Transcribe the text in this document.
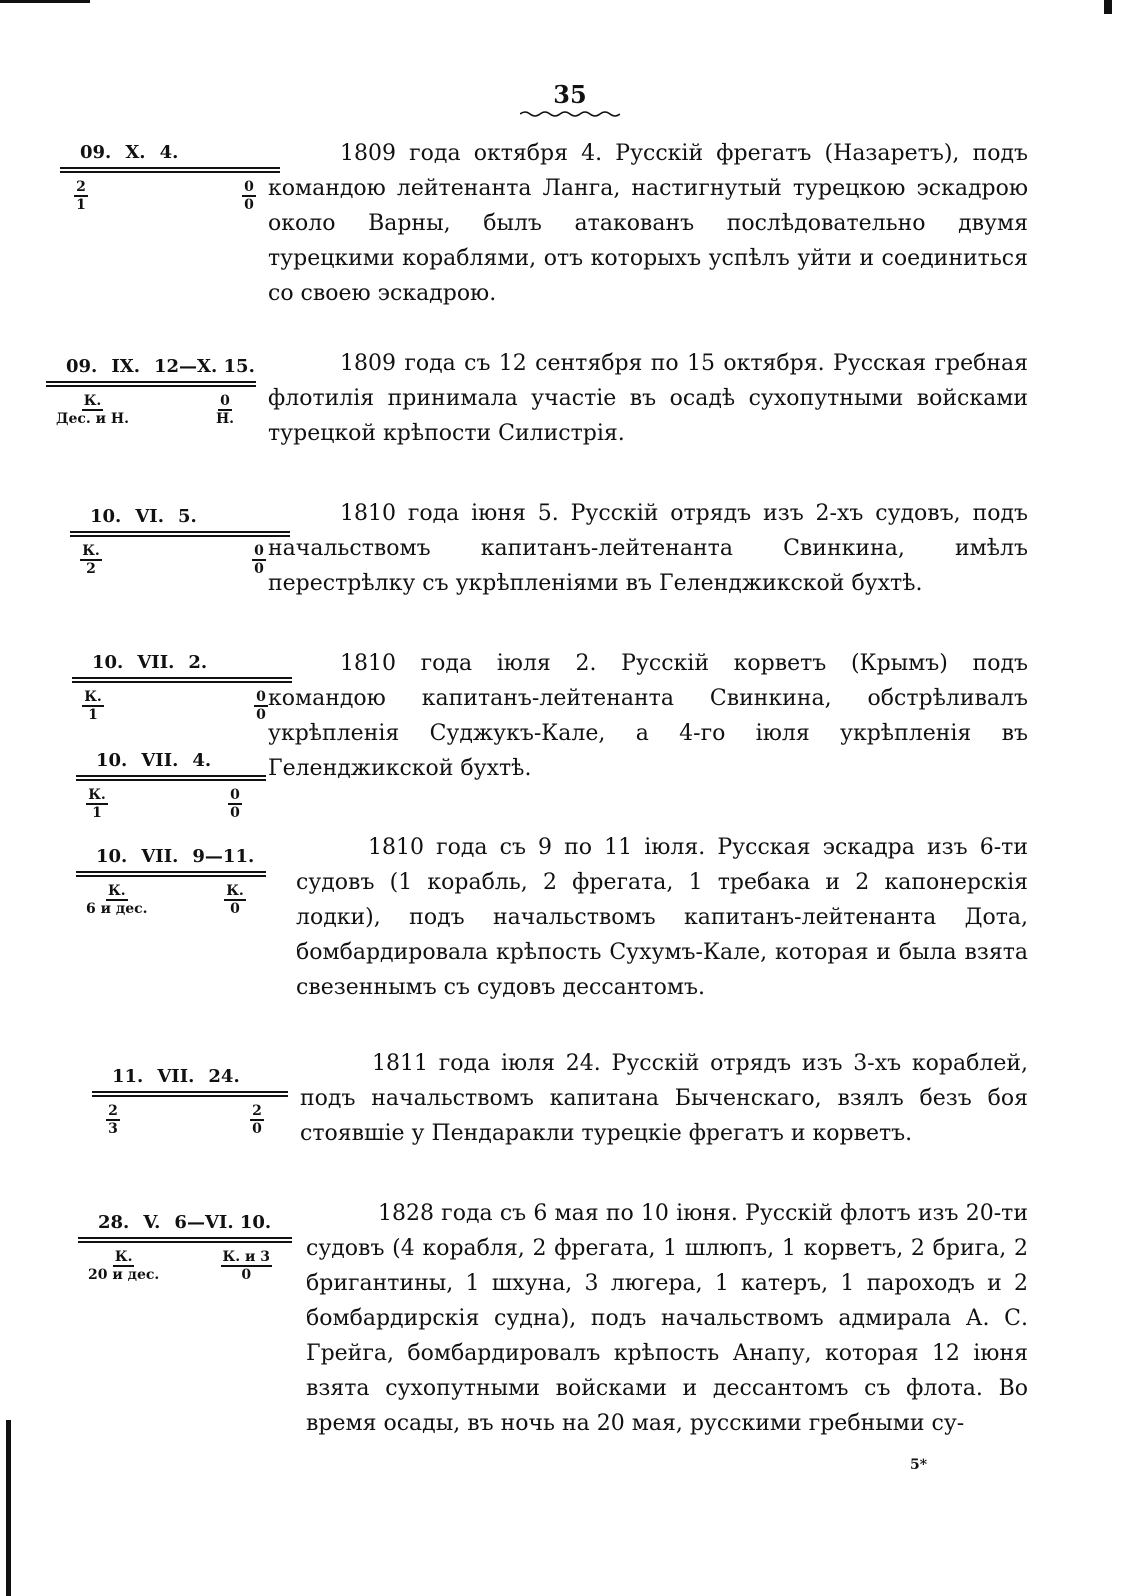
35
09. X. 4.
$\frac{2}{1}$	$\frac{0}{0}$

1809 года октября 4. Русскій фрегатъ (Назаретъ), подъ командою лейтенанта Ланга, настигнутый турецкою эскадрою около Варны, былъ атакованъ послѣдовательно двумя турецкими кораблями, отъ которыхъ успѣлъ уйти и соединиться со своею эскадрою.

09. IX. 12—X. 15.
$\frac{К.}{\text{Дес. и Н.}}$	$\frac{0}{Н.}$

1809 года съ 12 сентября по 15 октября. Русская гребная флотилія принимала участіе въ осадѣ сухопутными войсками турецкой крѣпости Силистрія.

10. VI. 5.
$\frac{К.}{2}$	$\frac{0}{0}$

1810 года іюня 5. Русскій отрядъ изъ 2-хъ судовъ, подъ начальствомъ капитанъ-лейтенанта Свинкина, имѣлъ перестрѣлку съ укрѣпленіями въ Геленджикской бухтѣ.

10. VII. 2.
$\frac{К.}{1}$	$\frac{0}{0}$
10. VII. 4.
$\frac{К.}{1}$	$\frac{0}{0}$

1810 года іюля 2. Русскій корветъ (Крымъ) подъ командою капитанъ-лейтенанта Свинкина, обстрѣливалъ укрѣпленія Суджукъ-Кале, а 4-го іюля укрѣпленія въ Геленджикской бухтѣ.

10. VII. 9—11.
$\frac{К.}{\text{6 и дес.}}$	$\frac{К.}{0}$

1810 года съ 9 по 11 іюля. Русская эскадра изъ 6-ти судовъ (1 корабль, 2 фрегата, 1 требака и 2 капонерскія лодки), подъ начальствомъ капитанъ-лейтенанта Дота, бомбардировала крѣпость Сухумъ-Кале, которая и была взята свезеннымъ съ судовъ дессантомъ.

11. VII. 24.
$\frac{2}{3}$	$\frac{2}{0}$

1811 года іюля 24. Русскій отрядъ изъ 3-хъ кораблей, подъ начальствомъ капитана Быченскаго, взялъ безъ боя стоявшіе у Пендаракли турецкіе фрегатъ и корветъ.

28. V. 6—VI. 10.
$\frac{К.}{\text{20 и дес.}}$	$\frac{К. и 3}{0}$

1828 года съ 6 мая по 10 іюня. Русскій флотъ изъ 20-ти судовъ (4 корабля, 2 фрегата, 1 шлюпъ, 1 корветъ, 2 брига, 2 бригантины, 1 шхуна, 3 люгера, 1 катеръ, 1 пароходъ и 2 бомбардирскія судна), подъ начальствомъ адмирала А. С. Грейга, бомбардировалъ крѣпость Анапу, которая 12 іюня взята сухопутными войсками и дессантомъ съ флота. Во время осады, въ ночь на 20 мая, русскими гребными су-

5*
